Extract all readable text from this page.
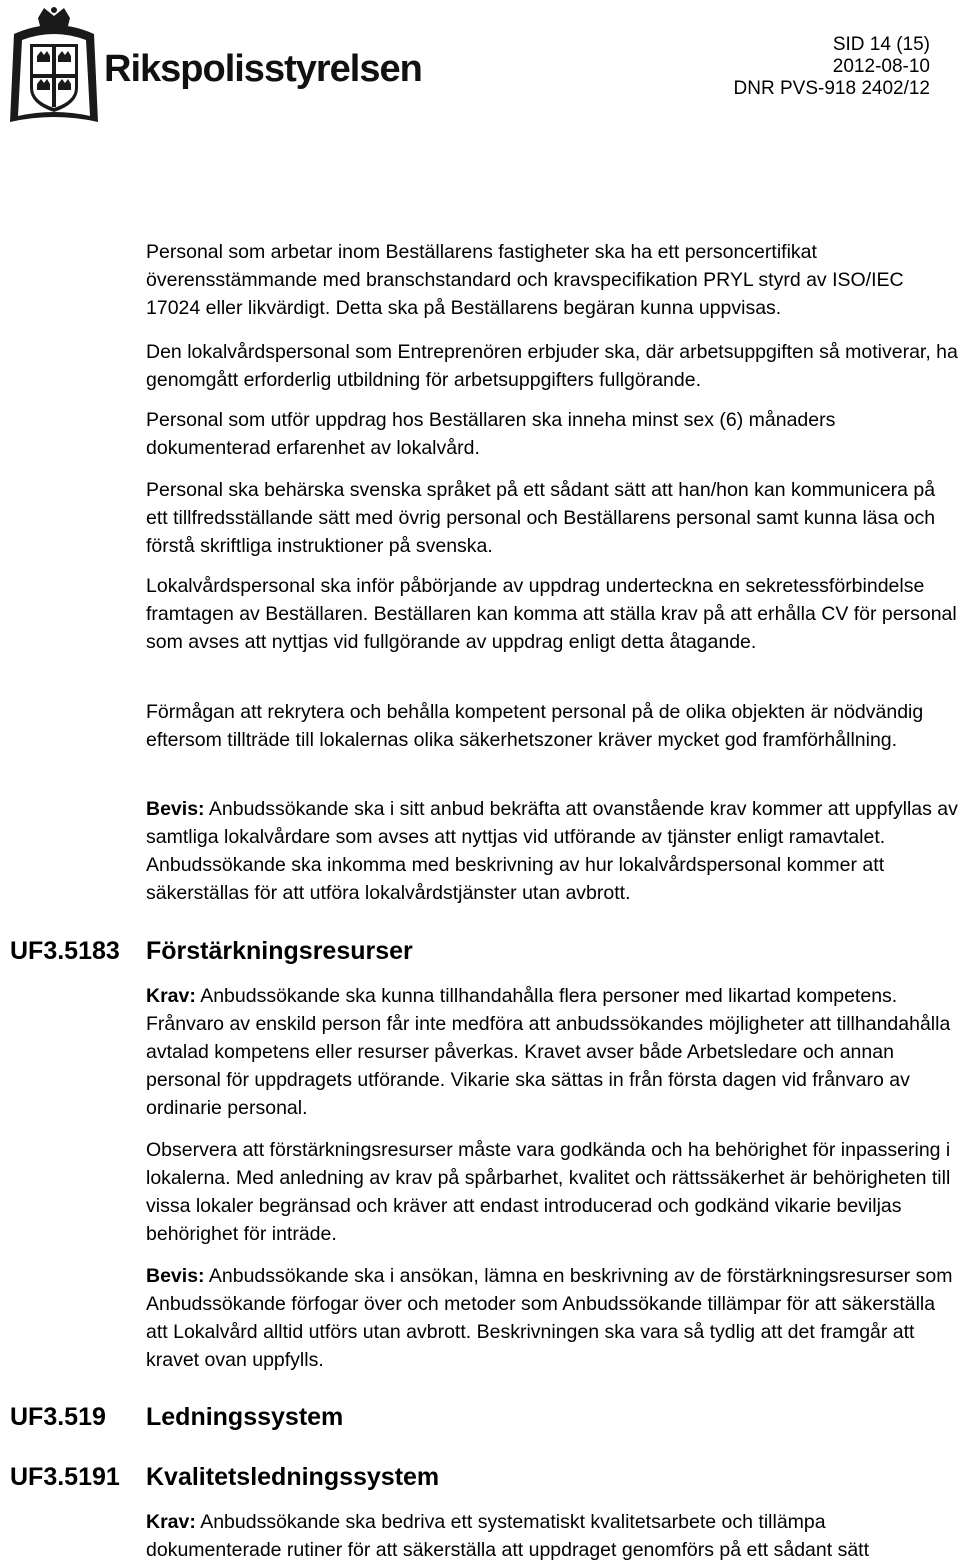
Rikspolisstyrelsen
SID 14 (15)
2012-08-10
DNR PVS-918 2402/12

Personal som arbetar inom Beställarens fastigheter ska ha ett personcertifikat överensstämmande med branschstandard och kravspecifikation PRYL styrd av ISO/IEC 17024 eller likvärdigt. Detta ska på Beställarens begäran kunna uppvisas.

Den lokalvårdspersonal som Entreprenören erbjuder ska, där arbetsuppgiften så motiverar, ha genomgått erforderlig utbildning för arbetsuppgifters fullgörande.

Personal som utför uppdrag hos Beställaren ska inneha minst sex (6) månaders dokumenterad erfarenhet av lokalvård.

Personal ska behärska svenska språket på ett sådant sätt att han/hon kan kommunicera på ett tillfredsställande sätt med övrig personal och Beställarens personal samt kunna läsa och förstå skriftliga instruktioner på svenska.

Lokalvårdspersonal ska inför påbörjande av uppdrag underteckna en sekretessförbindelse framtagen av Beställaren. Beställaren kan komma att ställa krav på att erhålla CV för personal som avses att nyttjas vid fullgörande av uppdrag enligt detta åtagande.

Förmågan att rekrytera och behålla kompetent personal på de olika objekten är nödvändig eftersom tillträde till lokalernas olika säkerhetszoner kräver mycket god framförhållning.

Bevis: Anbudssökande ska i sitt anbud bekräfta att ovanstående krav kommer att uppfyllas av samtliga lokalvårdare som avses att nyttjas vid utförande av tjänster enligt ramavtalet. Anbudssökande ska inkomma med beskrivning av hur lokalvårdspersonal kommer att säkerställas för att utföra lokalvårdstjänster utan avbrott.

UF3.5183 Förstärkningsresurser

Krav: Anbudssökande ska kunna tillhandahålla flera personer med likartad kompetens. Frånvaro av enskild person får inte medföra att anbudssökandes möjligheter att tillhandahålla avtalad kompetens eller resurser påverkas. Kravet avser både Arbetsledare och annan personal för uppdragets utförande. Vikarie ska sättas in från första dagen vid frånvaro av ordinarie personal.

Observera att förstärkningsresurser måste vara godkända och ha behörighet för inpassering i lokalerna. Med anledning av krav på spårbarhet, kvalitet och rättssäkerhet är behörigheten till vissa lokaler begränsad och kräver att endast introducerad och godkänd vikarie beviljas behörighet för inträde.

Bevis: Anbudssökande ska i ansökan, lämna en beskrivning av de förstärkningsresurser som Anbudssökande förfogar över och metoder som Anbudssökande tillämpar för att säkerställa att Lokalvård alltid utförs utan avbrott. Beskrivningen ska vara så tydlig att det framgår att kravet ovan uppfylls.

UF3.519 Ledningssystem
UF3.5191 Kvalitetsledningssystem

Krav: Anbudssökande ska bedriva ett systematiskt kvalitetsarbete och tillämpa dokumenterade rutiner för att säkerställa att uppdraget genomförs på ett sådant sätt
